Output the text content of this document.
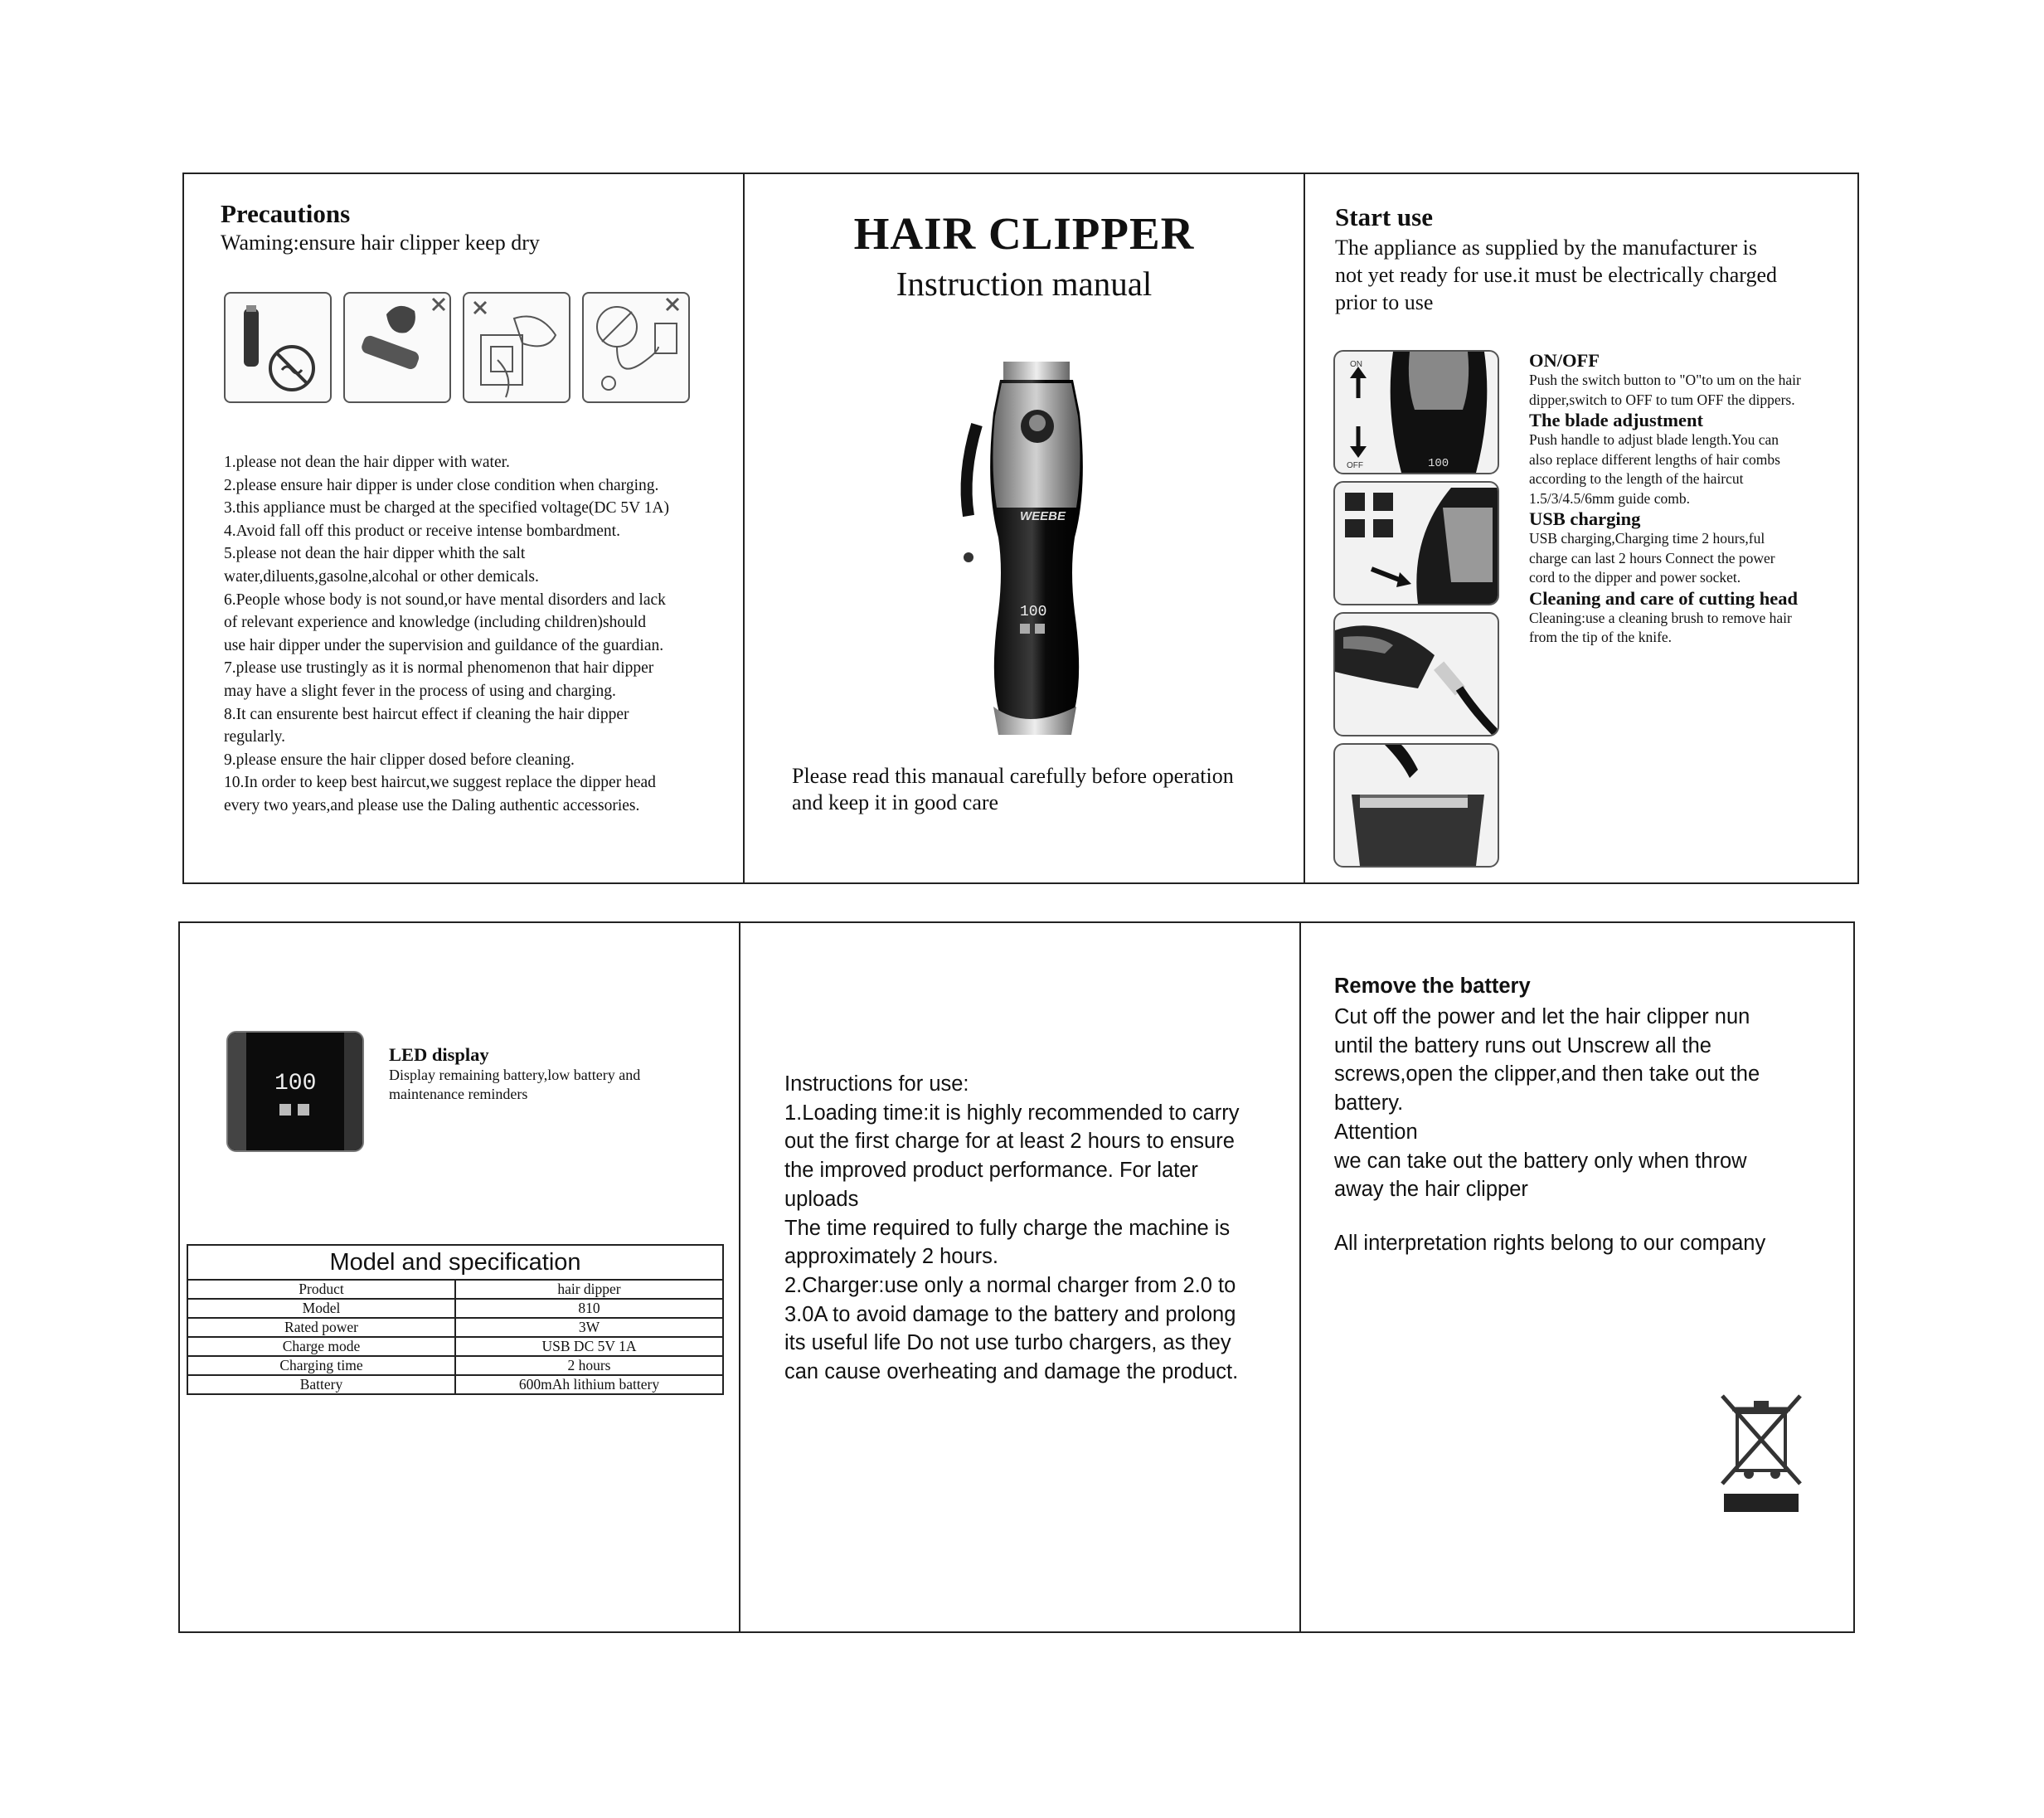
Precautions
Waming:ensure hair clipper keep dry
1.please not dean the hair dipper with water.
2.please ensure hair dipper is under close condition when charging.
3.this appliance must be charged at the specified voltage(DC 5V 1A)
4.Avoid fall off this product or receive intense bombardment.
5.please not dean the hair dipper whith the salt
water,diluents,gasolne,alcohal or other demicals.
6.People whose body is not sound,or have mental disorders and lack
of relevant experience and knowledge (including children)should
use hair dipper under the supervision and guildance of the guardian.
7.please use trustingly as it is normal phenomenon that hair dipper
may have a slight fever in the process of using and charging.
8.It can ensurente best haircut effect if cleaning the hair dipper
regularly.
9.please ensure the hair clipper dosed before cleaning.
10.In order to keep best haircut,we suggest replace the dipper head
every two years,and please use the Daling authentic accessories.
HAIR CLIPPER
Instruction manual
WEEBE
100
Please read this manaual carefully before operation
and keep it in good care
Start use
The appliance as supplied by the manufacturer is
not yet ready for use.it must be electrically charged
prior to use
ON
OFF	100
ON/OFF
Push the switch button to "O"to um on the hair
dipper,switch to OFF to tum OFF the dippers.
The blade adjustment
Push handle to adjust blade length.You can
also replace different lengths of hair combs
according to the length of the haircut
1.5/3/4.5/6mm guide comb.
USB charging
USB charging,Charging time 2 hours,ful
charge can last 2 hours Connect the power
cord to the dipper and power socket.
Cleaning and care of cutting head
Cleaning:use a cleaning brush to remove hair
from the tip of the knife.
100
LED display
Display remaining battery,low battery and
maintenance reminders
Model and specification
Product	hair dipper
Model	810
Rated power	3W
Charge mode	USB DC 5V 1A
Charging time	2 hours
Battery	600mAh lithium battery
Instructions for use:
1.Loading time:it is highly recommended to carry
out the first charge for at least 2 hours to ensure
the improved product performance. For later
uploads
The time required to fully charge the machine is
approximately 2 hours.
2.Charger:use only a normal charger from 2.0 to
3.0A to avoid damage to the battery and prolong
its useful life Do not use turbo chargers, as they
can cause overheating and damage the product.
Remove the battery
Cut off the power and let the hair clipper nun
until the battery runs out Unscrew all the
screws,open the clipper,and then take out the
battery.
Attention
we can take out the battery only when throw
away the hair clipper
All interpretation rights belong to our company
